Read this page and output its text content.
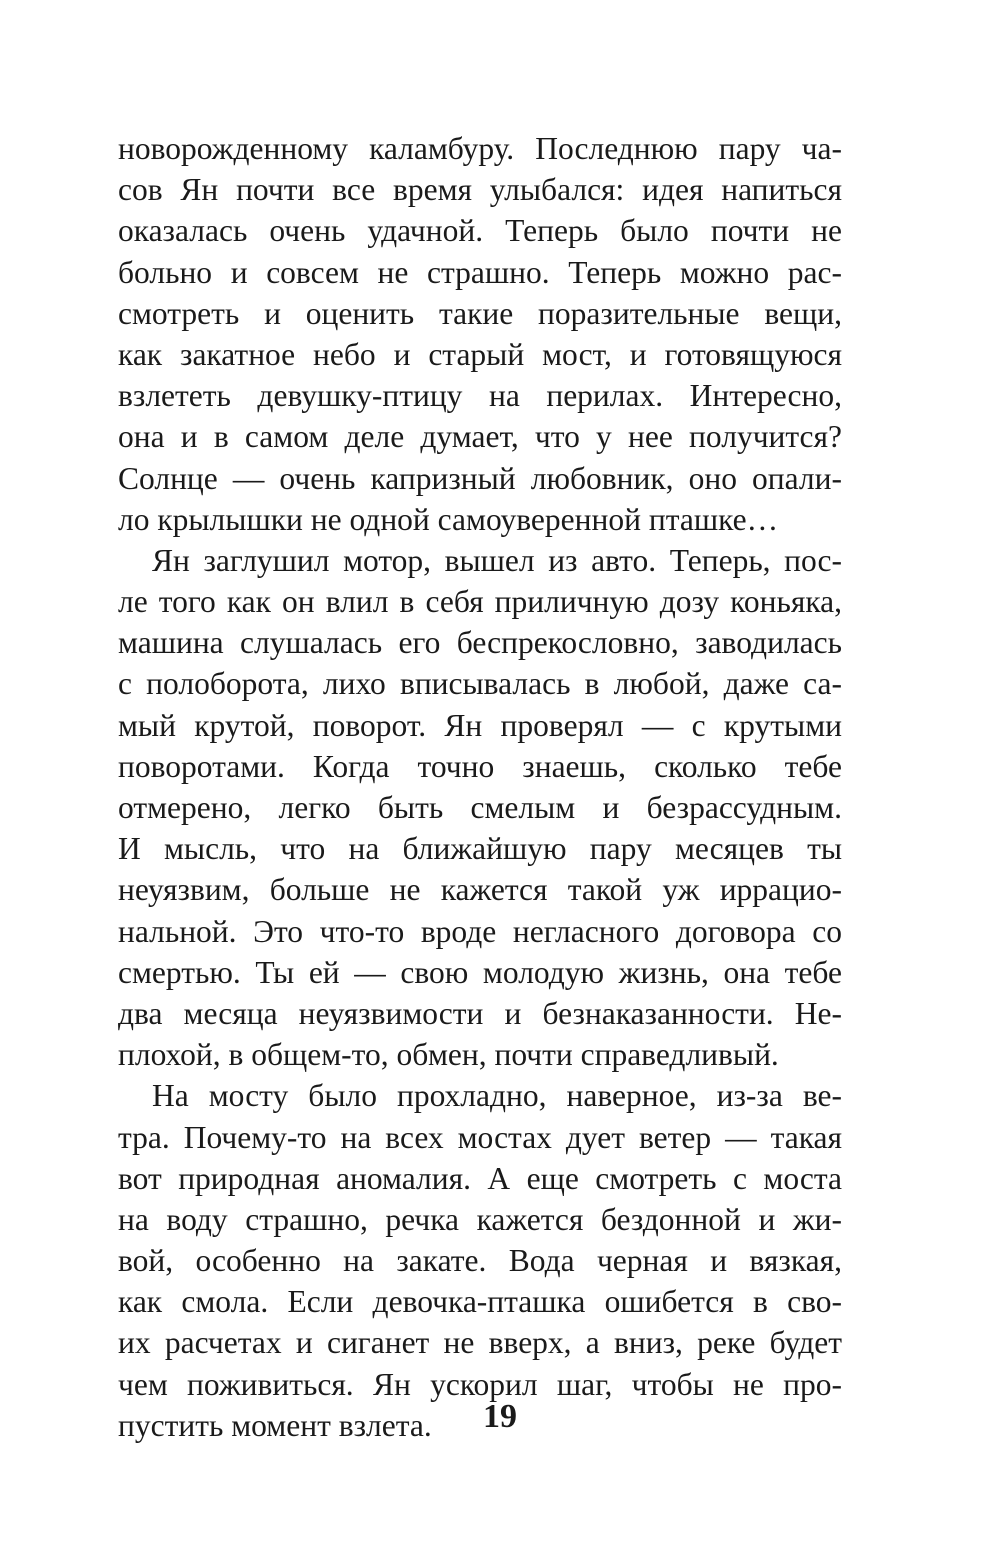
новорожденному каламбуру. Последнюю пару ча-
сов Ян почти все время улыбался: идея напиться
оказалась очень удачной. Теперь было почти не
больно и совсем не страшно. Теперь можно рас-
смотреть и оценить такие поразительные вещи,
как закатное небо и старый мост, и готовящуюся
взлететь девушку-птицу на перилах. Интересно,
она и в самом деле думает, что у нее получится?
Солнце — очень капризный любовник, оно опали-
ло крылышки не одной самоуверенной пташке…
Ян заглушил мотор, вышел из авто. Теперь, пос-
ле того как он влил в себя приличную дозу коньяка,
машина слушалась его беспрекословно, заводилась
с полоборота, лихо вписывалась в любой, даже са-
мый крутой, поворот. Ян проверял — с крутыми
поворотами. Когда точно знаешь, сколько тебе
отмерено, легко быть смелым и безрассудным.
И мысль, что на ближайшую пару месяцев ты
неуязвим, больше не кажется такой уж иррацио-
нальной. Это что-то вроде негласного договора со
смертью. Ты ей — свою молодую жизнь, она тебе
два месяца неуязвимости и безнаказанности. Не-
плохой, в общем-то, обмен, почти справедливый.
На мосту было прохладно, наверное, из-за ве-
тра. Почему-то на всех мостах дует ветер — такая
вот природная аномалия. А еще смотреть с моста
на воду страшно, речка кажется бездонной и жи-
вой, особенно на закате. Вода черная и вязкая,
как смола. Если девочка-пташка ошибется в сво-
их расчетах и сиганет не вверх, а вниз, реке будет
чем поживиться. Ян ускорил шаг, чтобы не про-
пустить момент взлета.	19
